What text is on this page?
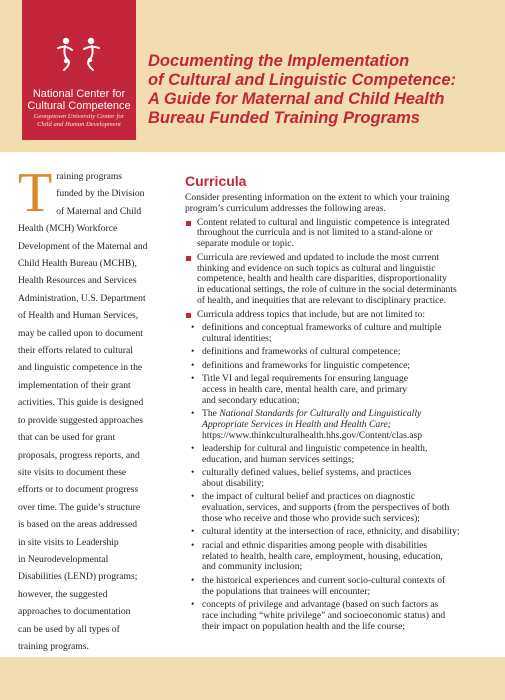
National Center for
Cultural Competence
Georgetown University Center for
Child and Human Development
Documenting the Implementation
of Cultural and Linguistic Competence:
A Guide for Maternal and Child Health
Bureau Funded Training Programs
T raining programs
funded by the Division
of Maternal and Child
Health (MCH) Workforce
Development of the Maternal and
Child Health Bureau (MCHB),
Health Resources and Services
Administration, U.S. Department
of Health and Human Services,
may be called upon to document
their efforts related to cultural
and linguistic competence in the
implementation of their grant
activities. This guide is designed
to provide suggested approaches
that can be used for grant
proposals, progress reports, and
site visits to document these
efforts or to document progress
over time. The guide’s structure
is based on the areas addressed
in site visits to Leadership
in Neurodevelopmental
Disabilities (LEND) programs;
however, the suggested
approaches to documentation
can be used by all types of
training programs.
Curricula
Consider presenting information on the extent to which your training
program’s curriculum addresses the following areas.
Content related to cultural and linguistic competence is integrated
throughout the curricula and is not limited to a stand-alone or
separate module or topic.
Curricula are reviewed and updated to include the most current
thinking and evidence on such topics as cultural and linguistic
competence, health and health care disparities, disproportionality
in educational settings, the role of culture in the social determinants
of health, and inequities that are relevant to disciplinary practice.
Curricula address topics that include, but are not limited to:
• definitions and conceptual frameworks of culture and multiple
cultural identities;
• definitions and frameworks of cultural competence;
• definitions and frameworks for linguistic competence;
• Title VI and legal requirements for ensuring language
access in health care, mental health care, and primary
and secondary education;
• The National Standards for Culturally and Linguistically
Appropriate Services in Health and Health Care;
https://www.thinkculturalhealth.hhs.gov/Content/clas.asp
• leadership for cultural and linguistic competence in health,
education, and human services settings;
• culturally defined values, belief systems, and practices
about disability;
• the impact of cultural belief and practices on diagnostic
evaluation, services, and supports (from the perspectives of both
those who receive and those who provide such services);
• cultural identity at the intersection of race, ethnicity, and disability;
• racial and ethnic disparities among people with disabilities
related to health, health care, employment, housing, education,
and community inclusion;
• the historical experiences and current socio-cultural contexts of
the populations that trainees will encounter;
• concepts of privilege and advantage (based on such factors as
race including “white privilege” and socioeconomic status) and
their impact on population health and the life course;
